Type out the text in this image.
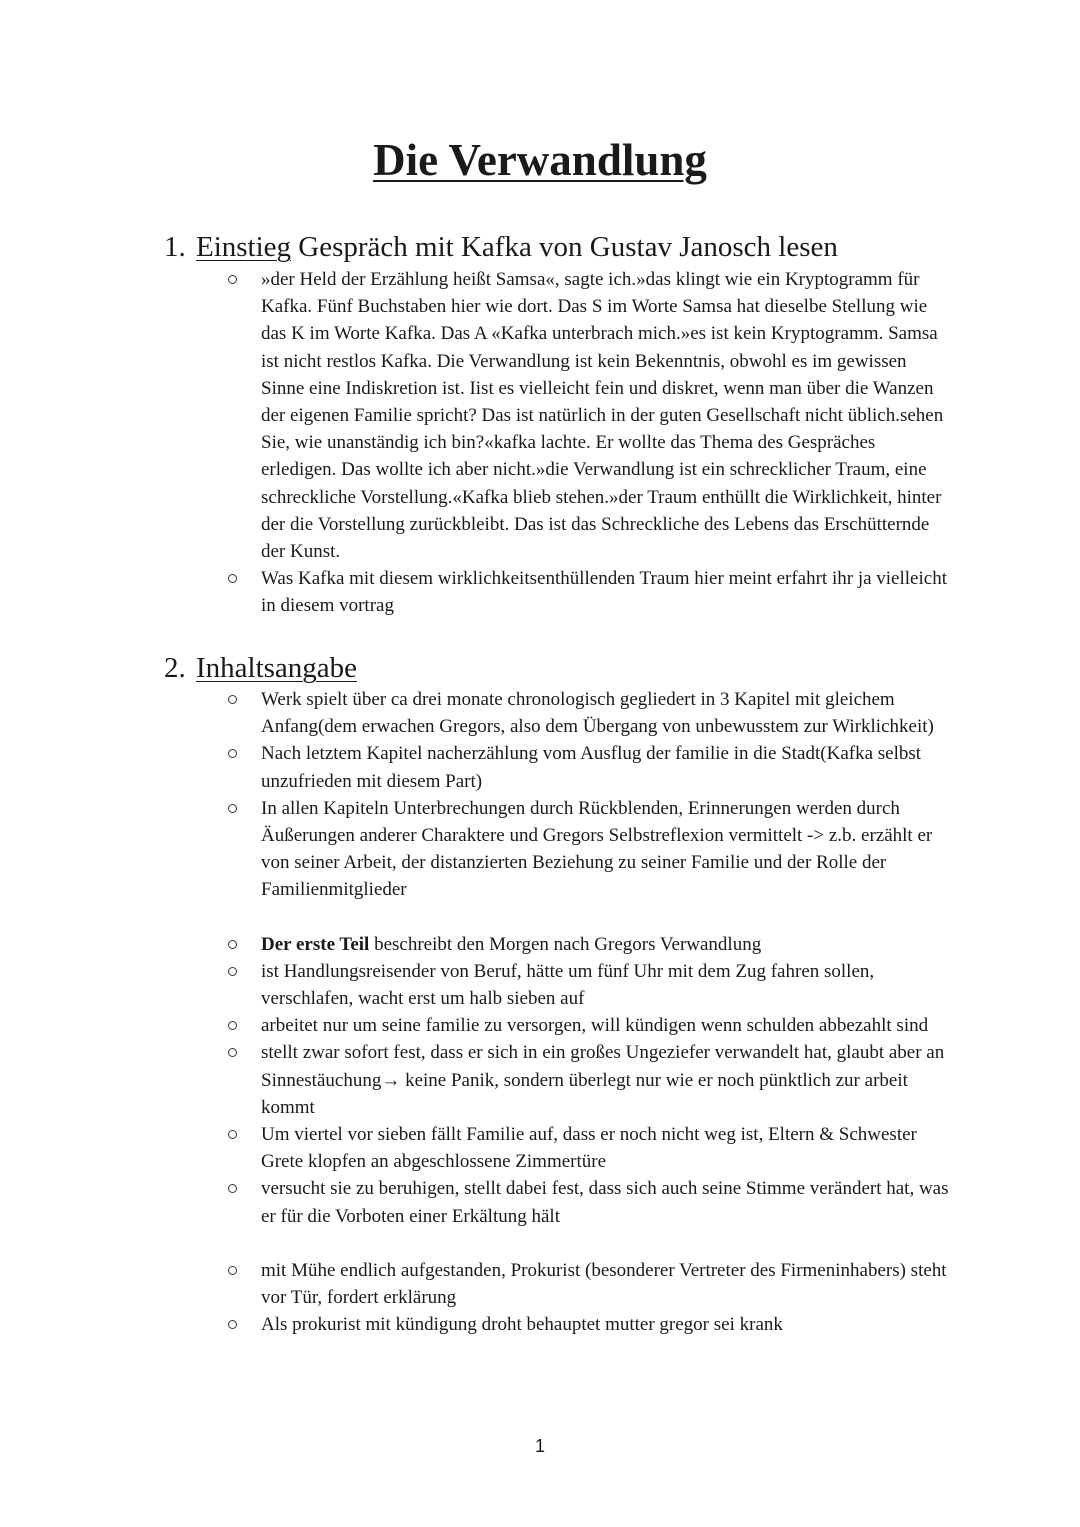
Die Verwandlung
1. Einstieg Gespräch mit Kafka von Gustav Janosch lesen
»der Held der Erzählung heißt Samsa«, sagte ich.»das klingt wie ein Kryptogramm für Kafka. Fünf Buchstaben hier wie dort. Das S im Worte Samsa hat dieselbe Stellung wie das K im Worte Kafka. Das A «Kafka unterbrach mich.»es ist kein Kryptogramm. Samsa ist nicht restlos Kafka. Die Verwandlung ist kein Bekenntnis, obwohl es im gewissen Sinne eine Indiskretion ist. Iist es vielleicht fein und diskret, wenn man über die Wanzen der eigenen Familie spricht? Das ist natürlich in der guten Gesellschaft nicht üblich.sehen Sie, wie unanständig ich bin?«kafka lachte. Er wollte das Thema des Gespräches erledigen. Das wollte ich aber nicht.»die Verwandlung ist ein schrecklicher Traum, eine schreckliche Vorstellung.«Kafka blieb stehen.»der Traum enthüllt die Wirklichkeit, hinter der die Vorstellung zurückbleibt. Das ist das Schreckliche des Lebens das Erschütternde der Kunst.
Was Kafka mit diesem wirklichkeitsenthüllenden Traum hier meint erfahrt ihr ja vielleicht in diesem vortrag
2. Inhaltsangabe
Werk spielt über ca drei monate chronologisch gegliedert in 3 Kapitel mit gleichem Anfang(dem erwachen Gregors, also dem Übergang von unbewusstem zur Wirklichkeit)
Nach letztem Kapitel nacherzählung vom Ausflug der familie in die Stadt(Kafka selbst unzufrieden mit diesem Part)
In allen Kapiteln Unterbrechungen durch Rückblenden, Erinnerungen werden durch Äußerungen anderer Charaktere und Gregors Selbstreflexion vermittelt -> z.b. erzählt er von seiner Arbeit, der distanzierten Beziehung zu seiner Familie und der Rolle der Familienmitglieder
Der erste Teil beschreibt den Morgen nach Gregors Verwandlung
ist Handlungsreisender von Beruf, hätte um fünf Uhr mit dem Zug fahren sollen, verschlafen, wacht erst um halb sieben auf
arbeitet nur um seine familie zu versorgen, will kündigen wenn schulden abbezahlt sind
stellt zwar sofort fest, dass er sich in ein großes Ungeziefer verwandelt hat, glaubt aber an Sinnestäuchung→ keine Panik, sondern überlegt nur wie er noch pünktlich zur arbeit kommt
Um viertel vor sieben fällt Familie auf, dass er noch nicht weg ist, Eltern & Schwester Grete klopfen an abgeschlossene Zimmertüre
versucht sie zu beruhigen, stellt dabei fest, dass sich auch seine Stimme verändert hat, was er für die Vorboten einer Erkältung hält
mit Mühe endlich aufgestanden, Prokurist (besonderer Vertreter des Firmeninhabers) steht vor Tür, fordert erklärung
Als prokurist mit kündigung droht behauptet mutter gregor sei krank
1
